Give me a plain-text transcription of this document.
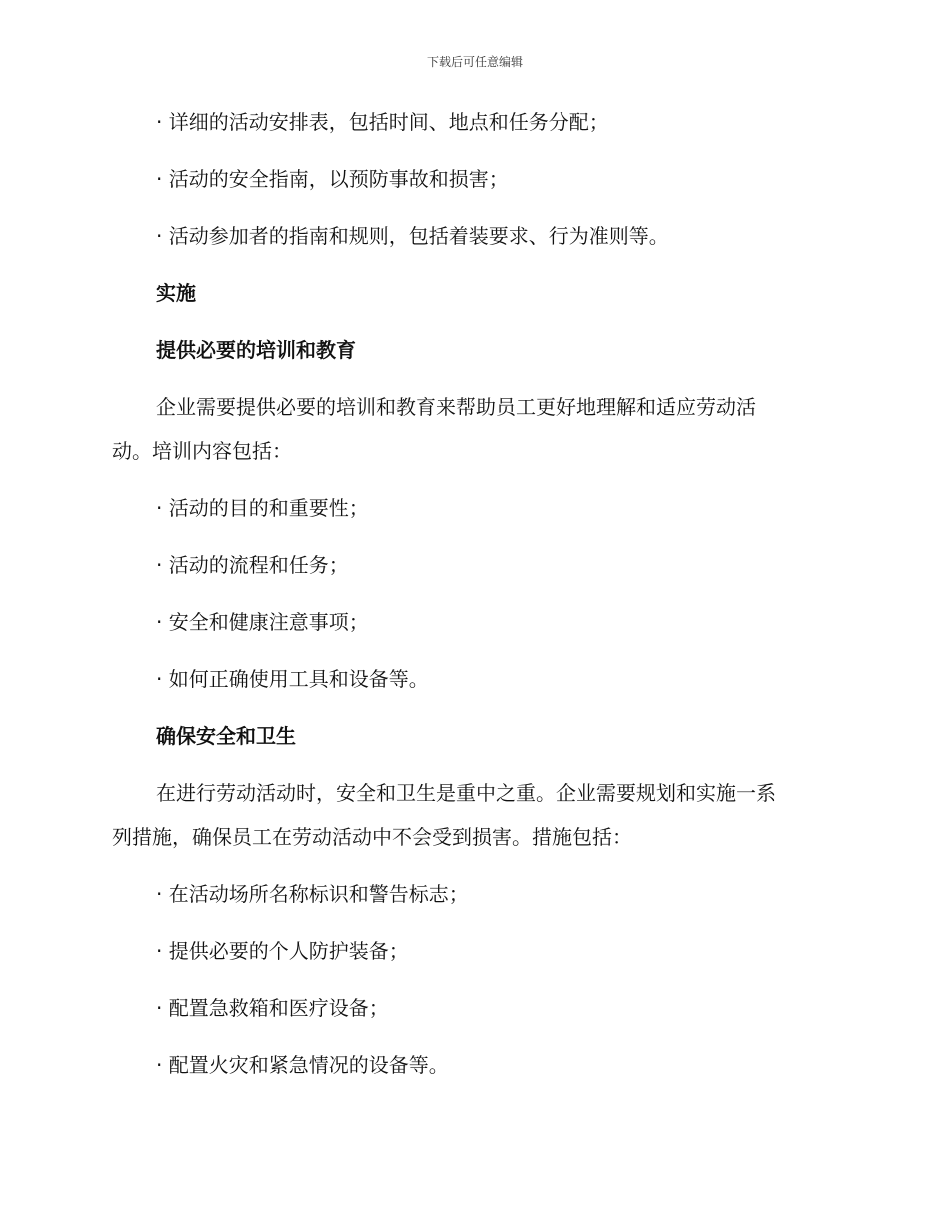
下载后可任意编辑
· 详细的活动安排表，包括时间、地点和任务分配；
· 活动的安全指南，以预防事故和损害；
· 活动参加者的指南和规则，包括着装要求、行为准则等。
实施
提供必要的培训和教育
企业需要提供必要的培训和教育来帮助员工更好地理解和适应劳动活
动。培训内容包括：
· 活动的目的和重要性；
· 活动的流程和任务；
· 安全和健康注意事项；
· 如何正确使用工具和设备等。
确保安全和卫生
在进行劳动活动时，安全和卫生是重中之重。企业需要规划和实施一系
列措施，确保员工在劳动活动中不会受到损害。措施包括：
· 在活动场所名称标识和警告标志；
· 提供必要的个人防护装备；
· 配置急救箱和医疗设备；
· 配置火灾和紧急情况的设备等。
